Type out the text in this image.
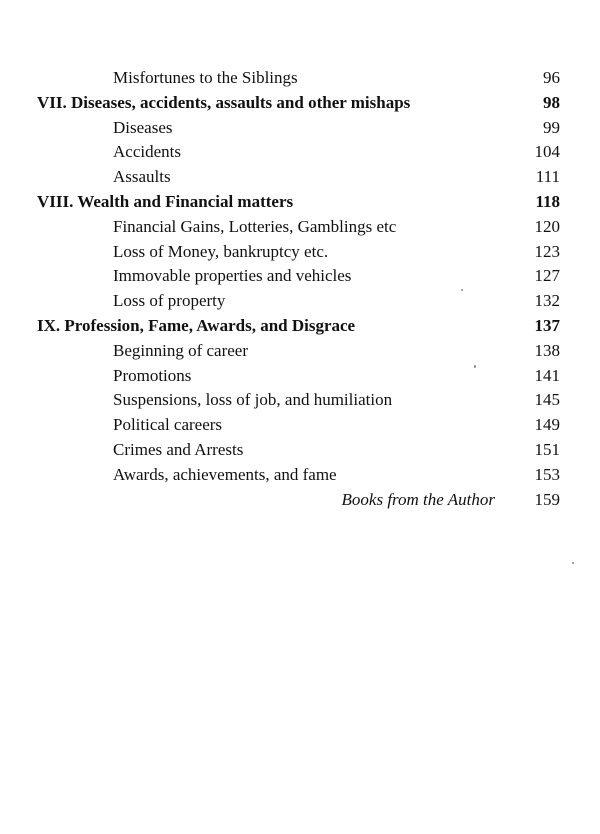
Misfortunes to the Siblings	96
VII. Diseases, accidents, assaults and other mishaps	98
Diseases	99
Accidents	104
Assaults	111
VIII. Wealth and Financial matters	118
Financial Gains, Lotteries, Gamblings etc	120
Loss of Money, bankruptcy etc.	123
Immovable properties and vehicles	127
Loss of property	132
IX. Profession, Fame, Awards, and Disgrace	137
Beginning of career	138
Promotions	141
Suspensions, loss of job, and humiliation	145
Political careers	149
Crimes and Arrests	151
Awards, achievements, and fame	153
Books from the Author 159
